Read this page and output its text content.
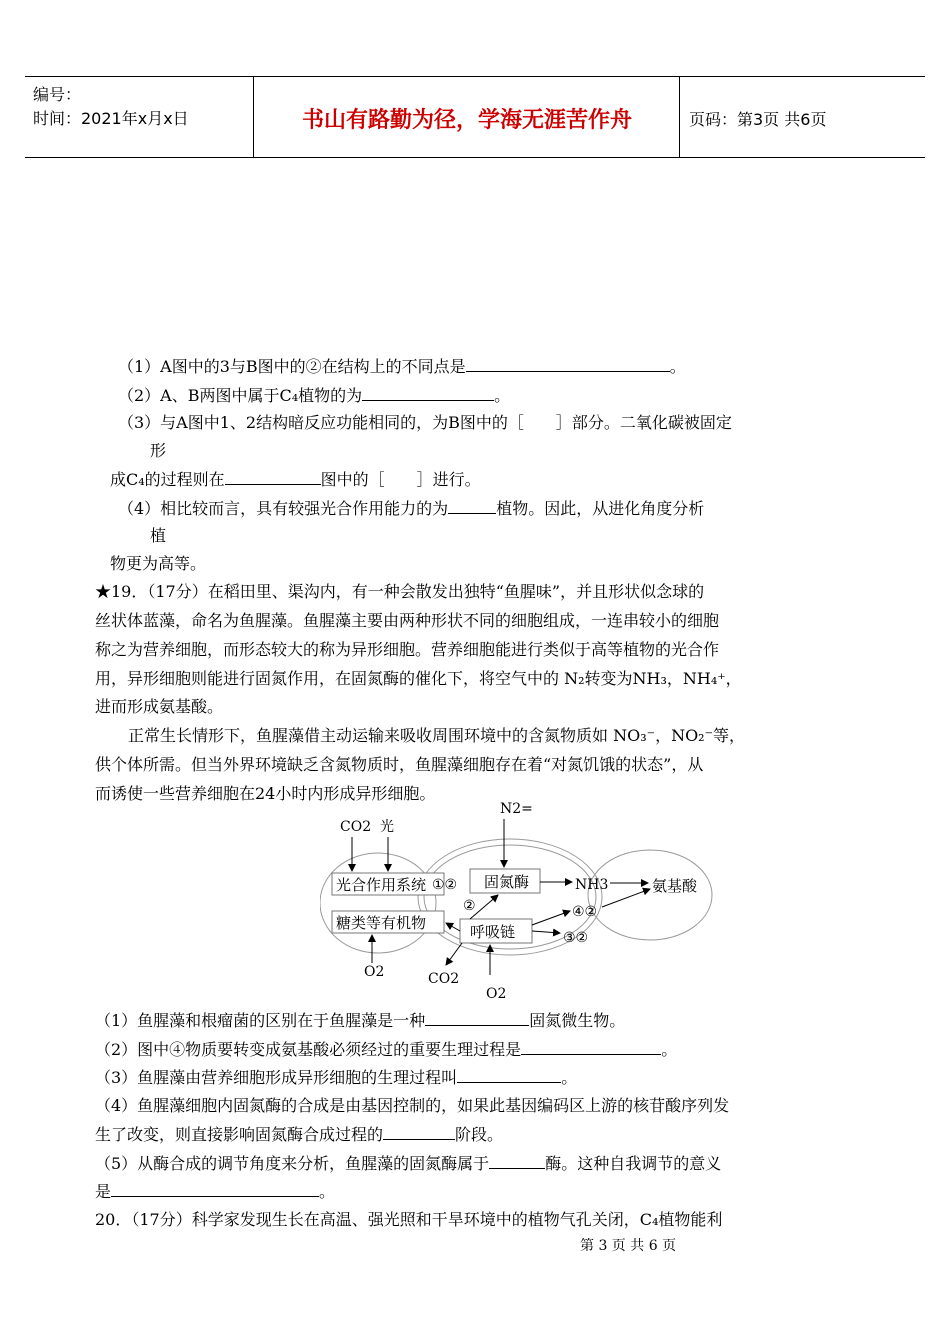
编号：
时间：2021年x月x日	书山有路勤为径，学海无涯苦作舟	页码：第3页 共6页
（1）A图中的3与B图中的②在结构上的不同点是	。
（2）A、B两图中属于C₄植物的为	。
（3）与A图中1、2结构暗反应功能相同的，为B图中的［　　］部分。二氧化碳被固定
形
成C₄的过程则在	图中的［　　］进行。
（4）相比较而言，具有较强光合作用能力的为	植物。因此，从进化角度分析
植
物更为高等。
★19．（17分）在稻田里、渠沟内，有一种会散发出独特“鱼腥味”，并且形状似念球的
丝状体蓝藻，命名为鱼腥藻。鱼腥藻主要由两种形状不同的细胞组成，一连串较小的细胞
称之为营养细胞，而形态较大的称为异形细胞。营养细胞能进行类似于高等植物的光合作
用，异形细胞则能进行固氮作用，在固氮酶的催化下，将空气中的 N₂转变为NH₃，NH₄⁺，
进而形成氨基酸。
正常生长情形下，鱼腥藻借主动运输来吸收周围环境中的含氮物质如 NO₃⁻，NO₂⁻等，
供个体所需。但当外界环境缺乏含氮物质时，鱼腥藻细胞存在着“对氮饥饿的状态”，从
而诱使一些营养细胞在24小时内形成异形细胞。
N2=
CO2 光
光合作用系统
糖类等有机物
固氮酶	NH3	氨基酸
呼吸链
①②
②	④②
③②
O2	CO2
O2
（1）鱼腥藻和根瘤菌的区别在于鱼腥藻是一种	固氮微生物。
（2）图中④物质要转变成氨基酸必须经过的重要生理过程是	。
（3）鱼腥藻由营养细胞形成异形细胞的生理过程叫	。
（4）鱼腥藻细胞内固氮酶的合成是由基因控制的，如果此基因编码区上游的核苷酸序列发
生了改变，则直接影响固氮酶合成过程的	阶段。
（5）从酶合成的调节角度来分析，鱼腥藻的固氮酶属于	酶。这种自我调节的意义
是	。
20．（17分）科学家发现生长在高温、强光照和干旱环境中的植物气孔关闭，C₄植物能利
第 3 页 共 6 页
